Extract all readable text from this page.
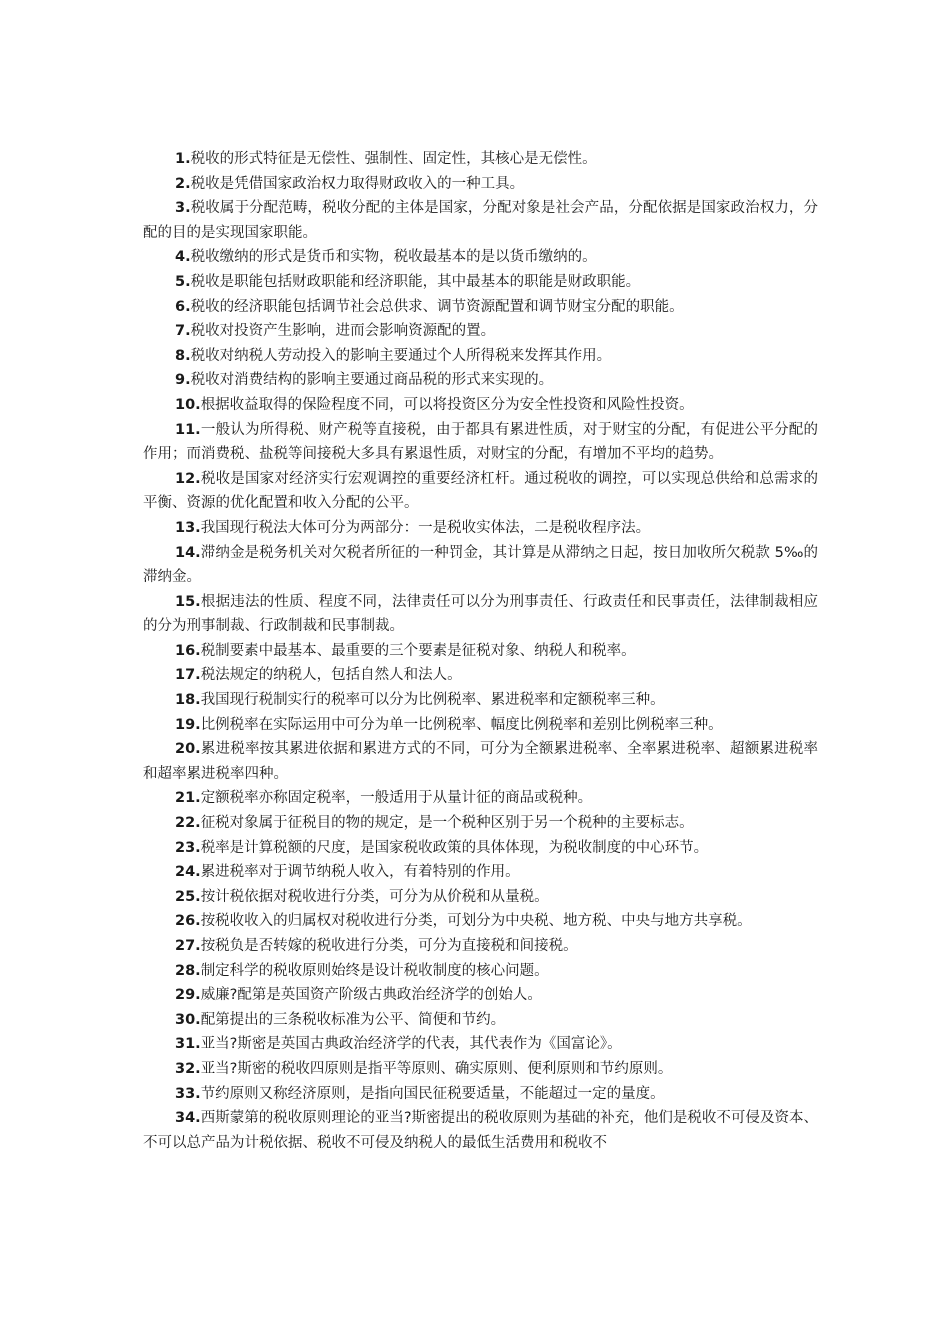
1.税收的形式特征是无偿性、强制性、固定性，其核心是无偿性。

2.税收是凭借国家政治权力取得财政收入的一种工具。

3.税收属于分配范畴，税收分配的主体是国家，分配对象是社会产品，分配依据是国家政治权力，分配的目的是实现国家职能。

4.税收缴纳的形式是货币和实物，税收最基本的是以货币缴纳的。

5.税收是职能包括财政职能和经济职能，其中最基本的职能是财政职能。

6.税收的经济职能包括调节社会总供求、调节资源配置和调节财宝分配的职能。

7.税收对投资产生影响，进而会影响资源配的置。

8.税收对纳税人劳动投入的影响主要通过个人所得税来发挥其作用。

9.税收对消费结构的影响主要通过商品税的形式来实现的。

10.根据收益取得的保险程度不同，可以将投资区分为安全性投资和风险性投资。

11.一般认为所得税、财产税等直接税，由于都具有累进性质，对于财宝的分配，有促进公平分配的作用；而消费税、盐税等间接税大多具有累退性质，对财宝的分配，有增加不平均的趋势。

12.税收是国家对经济实行宏观调控的重要经济杠杆。通过税收的调控，可以实现总供给和总需求的平衡、资源的优化配置和收入分配的公平。

13.我国现行税法大体可分为两部分：一是税收实体法，二是税收程序法。

14.滞纳金是税务机关对欠税者所征的一种罚金，其计算是从滞纳之日起，按日加收所欠税款 5‰的滞纳金。

15.根据违法的性质、程度不同，法律责任可以分为刑事责任、行政责任和民事责任，法律制裁相应的分为刑事制裁、行政制裁和民事制裁。

16.税制要素中最基本、最重要的三个要素是征税对象、纳税人和税率。

17.税法规定的纳税人，包括自然人和法人。

18.我国现行税制实行的税率可以分为比例税率、累进税率和定额税率三种。

19.比例税率在实际运用中可分为单一比例税率、幅度比例税率和差别比例税率三种。

20.累进税率按其累进依据和累进方式的不同，可分为全额累进税率、全率累进税率、超额累进税率和超率累进税率四种。

21.定额税率亦称固定税率，一般适用于从量计征的商品或税种。

22.征税对象属于征税目的物的规定，是一个税种区别于另一个税种的主要标志。

23.税率是计算税额的尺度，是国家税收政策的具体体现，为税收制度的中心环节。

24.累进税率对于调节纳税人收入，有着特别的作用。

25.按计税依据对税收进行分类，可分为从价税和从量税。

26.按税收收入的归属权对税收进行分类，可划分为中央税、地方税、中央与地方共享税。

27.按税负是否转嫁的税收进行分类，可分为直接税和间接税。

28.制定科学的税收原则始终是设计税收制度的核心问题。

29.威廉?配第是英国资产阶级古典政治经济学的创始人。

30.配第提出的三条税收标准为公平、简便和节约。

31.亚当?斯密是英国古典政治经济学的代表，其代表作为《国富论》。

32.亚当?斯密的税收四原则是指平等原则、确实原则、便利原则和节约原则。

33.节约原则又称经济原则，是指向国民征税要适量，不能超过一定的量度。

34.西斯蒙第的税收原则理论的亚当?斯密提出的税收原则为基础的补充，他们是税收不可侵及资本、不可以总产品为计税依据、税收不可侵及纳税人的最低生活费用和税收不
